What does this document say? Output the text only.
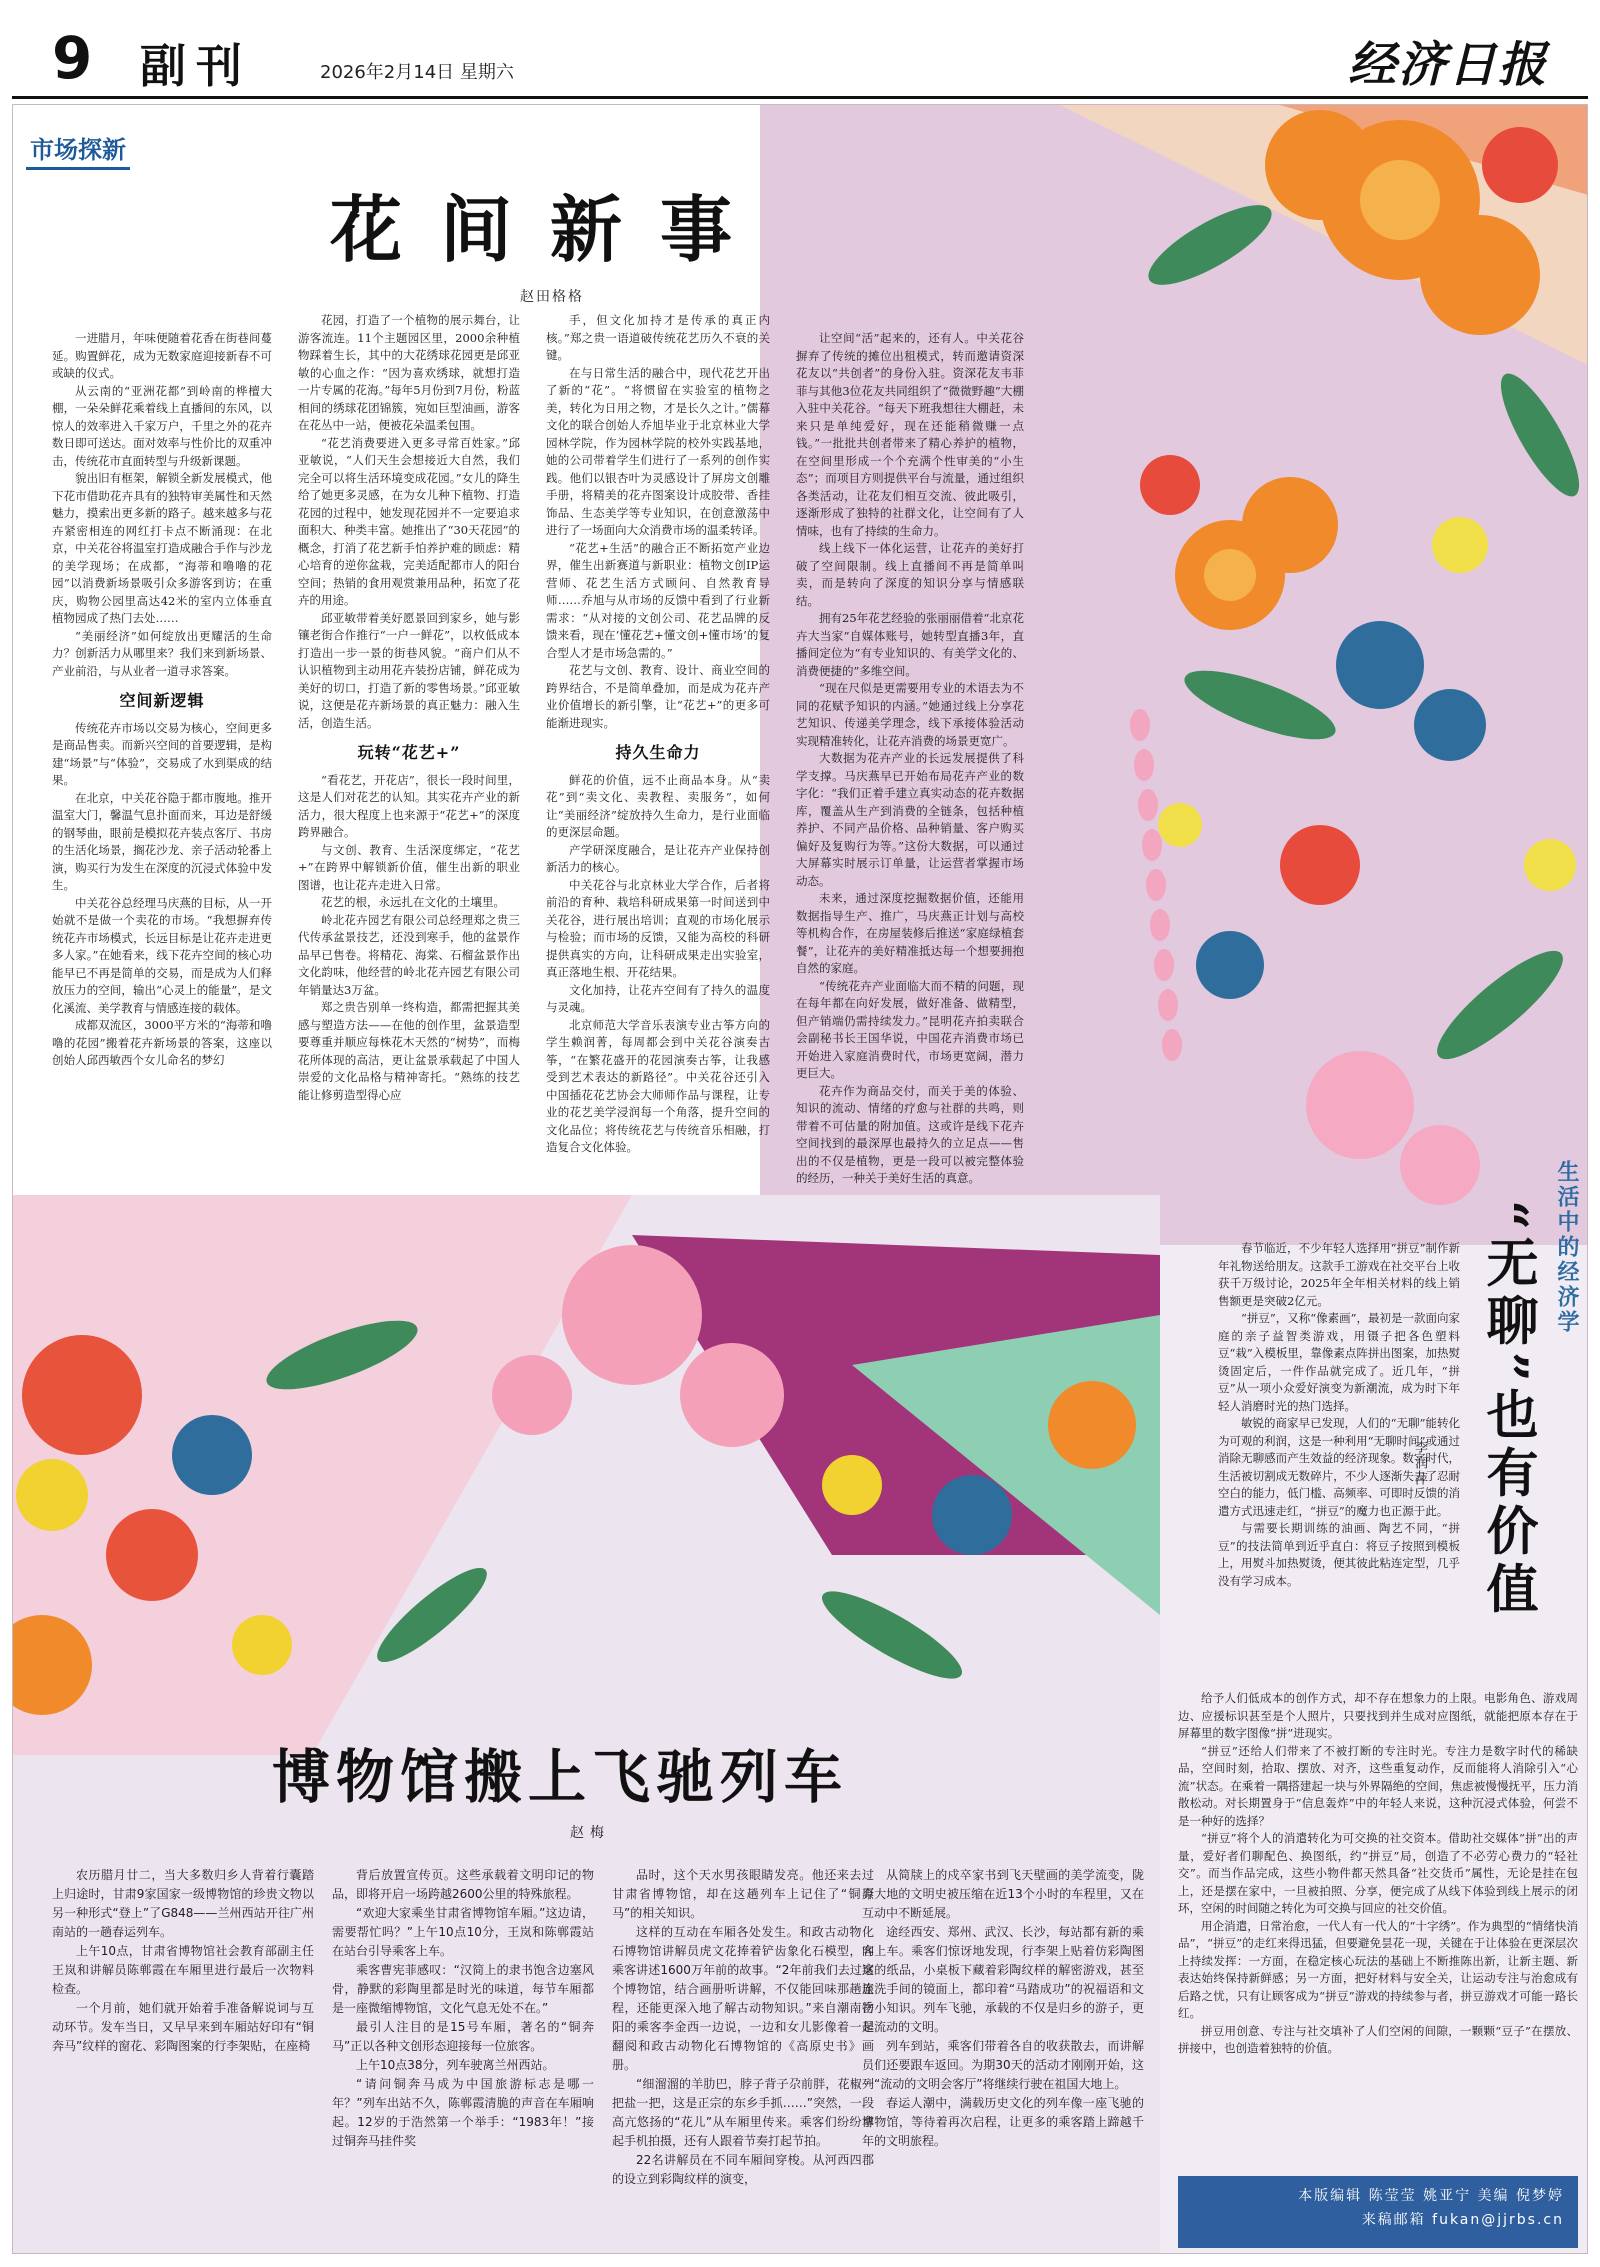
9 副刊	2026年2月14日 星期六	经济日报
市场探新
花间新事
赵田格格

一进腊月，年味便随着花香在街巷间蔓延。购置鲜花，成为无数家庭迎接新春不可或缺的仪式。

从云南的“亚洲花都”到岭南的桦檀大棚，一朵朵鲜花乘着线上直播间的东风，以惊人的效率进入千家万户，千里之外的花卉数日即可送达。面对效率与性价比的双重冲击，传统花市直面转型与升级新课题。

貌出旧有框架，解锁全新发展模式，他下花市借助花卉具有的独特审美属性和天然魅力，摸索出更多新的路子。越来越多与花卉紧密相连的网红打卡点不断涌现：在北京，中关花谷将温室打造成融合手作与沙龙的美学现场；在成都，“海蒂和噜噜的花园”以消费新场景吸引众多游客到访；在重庆，购物公园里高达42米的室内立体垂直植物园成了热门去处……

“美丽经济”如何绽放出更耀活的生命力？创新活力从哪里来？我们来到新场景、产业前沿，与从业者一道寻求答案。

空间新逻辑

传统花卉市场以交易为核心，空间更多是商品售卖。而新兴空间的首要逻辑，是构建“场景”与“体验”，交易成了水到渠成的结果。

在北京，中关花谷隐于都市腹地。推开温室大门，馨温气息扑面而来，耳边是舒缓的钢琴曲，眼前是模拟花卉装点客厅、书房的生活化场景，搁花沙龙、亲子活动轮番上演，购买行为发生在深度的沉浸式体验中发生。

中关花谷总经理马庆燕的目标，从一开始就不是做一个卖花的市场。“我想摒弃传统花卉市场模式，长远目标是让花卉走进更多人家。”在她看来，线下花卉空间的核心功能早已不再是简单的交易，而是成为人们释放压力的空间，输出“心灵上的能量”，是文化溪流、美学教育与情感连接的载体。

成都双流区，3000平方米的“海蒂和噜噜的花园”搬着花卉新场景的答案，这座以创始人邱西敏西个女儿命名的梦幻

花园，打造了一个植物的展示舞台，让游客流连。11个主题园区里，2000余种植物踩着生长，其中的大花绣球花园更是邱亚敏的心血之作：“因为喜欢绣球，就想打造一片专属的花海。”每年5月份到7月份，粉蓝相间的绣球花团锦簇，宛如巨型油画，游客在花丛中一站，便被花朵温柔包围。

“花艺消费要进入更多寻常百姓家。”邱亚敏说，“人们天生会想接近大自然，我们完全可以将生活环境变成花园。”女儿的降生给了她更多灵感，在为女儿种下植物、打造花园的过程中，她发现花园并不一定要追求面积大、种类丰富。她推出了“30天花园”的概念，打消了花艺新手怕养护难的顾虑：精心培育的逆你盆栽，完美适配都市人的阳台空间；热销的食用观赏兼用品种，拓宽了花卉的用途。

邱亚敏带着美好愿景回到家乡，她与影镶老街合作推行“一户一鲜花”，以枚低成本打造出一步一景的街巷风貌。“商户们从不认识植物到主动用花卉装扮店铺，鲜花成为美好的切口，打造了新的零售场景。”邱亚敏说，这便是花卉新场景的真正魅力：融入生活，创造生活。

玩转“花艺+”

“看花艺，开花店”，很长一段时间里，这是人们对花艺的认知。其实花卉产业的新活力，很大程度上也来源于“花艺+”的深度跨界融合。

与文创、教育、生活深度绑定，“花艺+”在跨界中解锁新价值，催生出新的职业图谱，也让花卉走进入日常。

花艺的根，永远扎在文化的土壤里。

岭北花卉园艺有限公司总经理郑之贵三代传承盆景技艺，还没到寒手，他的盆景作品早已售卷。将精花、海棠、石榴盆景作出文化韵味，他经营的岭北花卉园艺有限公司年销量达3万盆。

郑之贵告别单一终构造，都需把握其美感与塑造方法——在他的创作里，盆景造型要尊重并顺应每株花木天然的“树势”，而梅花所体现的高洁，更让盆景承载起了中国人崇爱的文化品格与精神寄托。“熟练的技艺能让修剪造型得心应

手，但文化加持才是传承的真正内核。”郑之贵一语道破传统花艺历久不衰的关键。

在与日常生活的融合中，现代花艺开出了新的“花”。“将惯留在实验室的植物之美，转化为日用之物，才是长久之计。”儒幕文化的联合创始人乔旭毕业于北京林业大学园林学院，作为园林学院的校外实践基地，她的公司带着学生们进行了一系列的创作实践。他们以银杏叶为灵感设计了屏房文创雕手册，将精美的花卉图案设计成胶带、香挂饰品、生态美学等专业知识，在创意激荡中进行了一场面向大众消费市场的温柔转译。

“花艺+生活”的融合正不断拓宽产业边界，催生出新赛道与新职业：植物文创IP运营师、花艺生活方式顾问、自然教育导师……乔旭与从市场的反馈中看到了行业新需求：“从对接的文创公司、花艺品牌的反馈来看，现在‘懂花艺+懂文创+懂市场’的复合型人才是市场急需的。”

花艺与文创、教育、设计、商业空间的跨界结合，不是简单叠加，而是成为花卉产业价值增长的新引擎，让“花艺+”的更多可能渐进现实。

持久生命力

鲜花的价值，远不止商品本身。从“卖花”到“卖文化、卖教程、卖服务”，如何让“美丽经济”绽放持久生命力，是行业面临的更深层命题。

产学研深度融合，是让花卉产业保持创新活力的核心。

中关花谷与北京林业大学合作，后者将前沿的育种、栽培科研成果第一时间送到中关花谷，进行展出培训；直观的市场化展示与检验；而市场的反馈，又能为高校的科研提供真实的方向，让科研成果走出实验室，真正落地生根、开花结果。

文化加持，让花卉空间有了持久的温度与灵魂。

北京师范大学音乐表演专业古筝方向的学生赖润菁，每周都会到中关花谷演奏古筝，“在繁花盛开的花园演奏古筝，让我感受到艺术表达的新路径”。中关花谷还引入中国插花花艺协会大师师作品与课程，让专业的花艺美学浸润每一个角落，提升空间的文化品位；将传统花艺与传统音乐相融，打造复合文化体验。

让空间“活”起来的，还有人。中关花谷摒弃了传统的摊位出租模式，转而邀请资深花友以“共创者”的身份入驻。资深花友韦菲菲与其他3位花友共同组织了“微微野趣”大棚入驻中关花谷。“每天下班我想往大棚赶，未来只是单纯爱好，现在还能稍微赚一点钱。”一批批共创者带来了精心养护的植物，在空间里形成一个个充满个性审美的“小生态”；而项目方则提供平台与流量，通过组织各类活动，让花友们相互交流、彼此吸引，逐渐形成了独特的社群文化，让空间有了人情味，也有了持续的生命力。

线上线下一体化运营，让花卉的美好打破了空间限制。线上直播间不再是简单叫卖，而是转向了深度的知识分享与情感联结。

拥有25年花艺经验的张丽丽借着“北京花卉大当家”自媒体账号，她转型直播3年，直播间定位为“有专业知识的、有美学文化的、消费便捷的”多维空间。

“现在尺似是更需要用专业的术语去为不同的花赋予知识的内涵。”她通过线上分享花艺知识、传递美学理念，线下承接体验活动实现精准转化，让花卉消费的场景更宽广。

大数据为花卉产业的长远发展提供了科学支撑。马庆燕早已开始布局花卉产业的数字化：“我们正着手建立真实动态的花卉数据库，覆盖从生产到消费的全链条，包括种植养护、不同产品价格、品种销量、客户购买偏好及复购行为等。”这份大数据，可以通过大屏幕实时展示订单量，让运营者掌握市场动态。

未来，通过深度挖掘数据价值，还能用数据指导生产、推广，马庆燕正计划与高校等机构合作，在房屋装修后推送“家庭绿植套餐”，让花卉的美好精准抵达每一个想要拥抱自然的家庭。

“传统花卉产业面临大而不精的问题，现在每年都在向好发展，做好准备、做精型，但产销端仍需持续发力。”昆明花卉拍卖联合会副秘书长王国华说，中国花卉消费市场已开始进入家庭消费时代，市场更宽阔，潜力更巨大。

花卉作为商品交付，而关于美的体验、知识的流动、情绪的疗愈与社群的共鸣，则带着不可估量的附加值。这或许是线下花卉空间找到的最深厚也最持久的立足点——售出的不仅是植物，更是一段可以被完整体验的经历，一种关于美好生活的真意。	生活中的经济学
“无聊”也有价值
李润萍

春节临近，不少年轻人选择用“拼豆”制作新年礼物送给朋友。这款手工游戏在社交平台上收获千万级讨论，2025年全年相关材料的线上销售额更是突破2亿元。

“拼豆”，又称“像素画”，最初是一款面向家庭的亲子益智类游戏，用镊子把各色塑料豆“栽”入模板里，靠像素点阵拼出图案，加热熨烫固定后，一件作品就完成了。近几年，“拼豆”从一项小众爱好演变为新潮流，成为时下年轻人消磨时光的热门选择。

敏锐的商家早已发现，人们的“无聊”能转化为可观的利润，这是一种利用“无聊时间”或通过消除无聊感而产生效益的经济现象。数字时代，生活被切割成无数碎片，不少人逐渐失去了忍耐空白的能力，低门槛、高频率、可即时反馈的消遣方式迅速走红，“拼豆”的魔力也正源于此。

与需要长期训练的油画、陶艺不同，“拼豆”的技法简单到近乎直白：将豆子按照到模板上，用熨斗加热熨烫，便其彼此粘连定型，几乎没有学习成本。

给予人们低成本的创作方式，却不存在想象力的上限。电影角色、游戏周边、应援标识甚至是个人照片，只要找到并生成对应图纸，就能把原本存在于屏幕里的数字图像“拼”进现实。

“拼豆”还给人们带来了不被打断的专注时光。专注力是数字时代的稀缺品，空间时刻，拾取、摆放、对齐，这些重复动作，反而能将人消除引入“心流”状态。在乘着一隅搭建起一块与外界隔绝的空间，焦虑被慢慢抚平，压力消散松动。对长期置身于“信息轰炸”中的年轻人来说，这种沉浸式体验，何尝不是一种好的选择？

“拼豆”将个人的消遣转化为可交换的社交资本。借助社交媒体“拼”出的声量，爱好者们聊配色、换图纸，约“拼豆”局，创造了不必劳心费力的“轻社交”。而当作品完成，这些小物件都天然具备“社交货币”属性，无论是挂在包上，还是摆在家中，一旦被拍照、分享，便完成了从线下体验到线上展示的闭环，空闲的时间随之转化为可交换与回应的社交价值。

用企消遣，日常治愈，一代人有一代人的“十字绣”。作为典型的“情绪快消品”，“拼豆”的走红来得迅猛，但要避免昙花一现，关键在于让体验在更深层次上持续发挥：一方面，在稳定核心玩法的基础上不断推陈出新，让新主题、新表达始终保持新鲜感；另一方面，把好材料与安全关，让运动专注与治愈成有后路之忧，只有让顾客成为“拼豆”游戏的持续参与者，拼豆游戏才可能一路长红。

拼豆用创意、专注与社交填补了人们空闲的间隙，一颗颗“豆子”在摆放、拼接中，也创造着独特的价值。

本版编辑 陈莹莹 姚亚宁 美编 倪梦婷
来稿邮箱 fukan@jjrbs.cn
博物馆搬上飞驰列车
赵梅

农历腊月廿二，当大多数归乡人背着行囊踏上归途时，甘肃9家国家一级博物馆的珍贵文物以另一种形式“登上”了G848——兰州西站开往广州南站的一趟春运列车。

上午10点，甘肃省博物馆社会教育部副主任王岚和讲解员陈郸霞在车厢里进行最后一次物料检查。

一个月前，她们就开始着手准备解说词与互动环节。发车当日，又早早来到车厢站好印有“铜奔马”纹样的窗花、彩陶图案的行李架贴，在座椅

背后放置宣传页。这些承载着文明印记的物品，即将开启一场跨越2600公里的特殊旅程。

“欢迎大家乘坐甘肃省博物馆车厢。”这边请，需要帮忙吗？”上午10点10分，王岚和陈郸霞站在站台引导乘客上车。

乘客曹宪菲感叹：“汉简上的隶书饱含边塞风骨，静默的彩陶里都是时光的味道，每节车厢都是一座微缩博物馆，文化气息无处不在。”

最引人注目的是15号车厢，著名的“铜奔马”正以各种文创形态迎接每一位旅客。

上午10点38分，列车驶离兰州西站。

“请问铜奔马成为中国旅游标志是哪一年？”列车出站不久，陈郸霞清脆的声音在车厢响起。12岁的于浩然第一个举手：“1983年！”接过铜奔马挂件奖

品时，这个天水男孩眼睛发亮。他还来去过甘肃省博物馆，却在这趟列车上记住了“铜奔马”的相关知识。

这样的互动在车厢各处发生。和政古动物化石博物馆讲解员虎文花捧着铲齿象化石模型，向乘客讲述1600万年前的故事。“2年前我们去过这个博物馆，结合画册听讲解，不仅能回味那趟旅程，还能更深入地了解古动物知识。”来自潮南岳阳的乘客李金西一边说，一边和女儿影像着一起翻阅和政古动物化石博物馆的《高原史书》画册。

“细溜溜的羊肋巴，脖子背子尕前胖，花椒一把盐一把，这是正宗的东乡手抓……”突然，一段高亢悠扬的“花儿”从车厢里传来。乘客们纷纷拿起手机拍摄，还有人跟着节奏打起节拍。

22名讲解员在不同车厢间穿梭。从河西四郡的设立到彩陶纹样的演变，

从简牍上的戍卒家书到飞天壁画的美学流变，陇原大地的文明史被压缩在近13个小时的车程里，又在互动中不断延展。

途经西安、郑州、武汉、长沙，每站都有新的乘客上车。乘客们惊讶地发现，行李架上贴着仿彩陶图案的纸品，小桌板下藏着彩陶纹样的解密游戏，甚至连洗手间的镜面上，都印着“马踏成功”的祝福语和文物小知识。列车飞驰，承载的不仅是归乡的游子，更是流动的文明。

列车到站，乘客们带着各自的收获散去，而讲解员们还要跟车返回。为期30天的活动才刚刚开始，这列“流动的文明会客厅”将继续行驶在祖国大地上。

春运人潮中，满载历史文化的列车像一座飞驰的博物馆，等待着再次启程，让更多的乘客踏上蹄越千年的文明旅程。
